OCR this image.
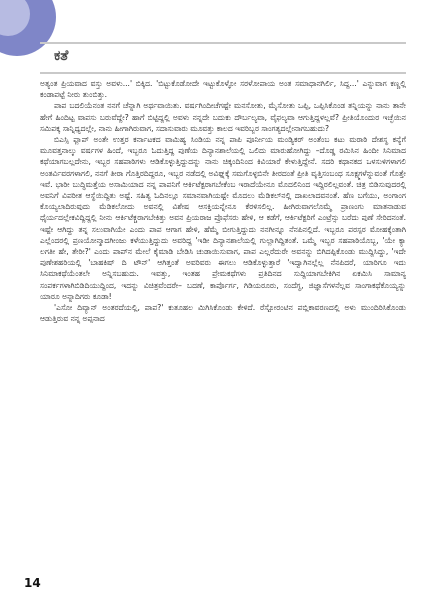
ಕತೆ

ಅತ್ಯಂತ ಪ್ರಿಯವಾದ ವಸ್ತು ಅವಳು...' ಬಿಕ್ಕಿದ. 'ಬಿಟ್ಟುಕೊಡೋದೇ ಇಟ್ಟುಕೊಳ್ಳೋ ಸರಳೋಪಾಯ ಅಂತ ಸಮಾಧಾನಗಿರ್ಲಿ, ಸಿದ್ದ...' ಎನ್ನುವಾಗ ಕಣ್ಣಲ್ಲಿ ಕಂಡಾಪಟ್ಟೆ ನೀರು ತುಂಬಿತ್ತು.

ಪಾಪ ಬದಲಿಯೆನಂತ ನನಗೆ ಚೆನ್ನಾಗಿ ಅರ್ಥವಾಯಿತು. ವರ್ಷಗಿಂದೀಚೆಗಷ್ಟೇ ಮನಸೋತು, ಮೈಸೋತು ಒಪ್ಪಿ, ಒಪ್ಪಿಸಿಕೊಂಡ ತನ್ನಿಯನ್ನು ನಾನು ತಾನೇ ಹೇಗೆ ಹಿಂದಿಟ್ಟ ವಾಪಸು ಬರುವೆದ್ದೇ? ಹಾಗೆ ಬಿಟ್ಟಿದ್ದಲ್ಲಿ ಅವಳು ನನ್ನದೇ ಬದುಕು ದೌರ್ಬಲ್ಯವಾ, ವೈಫಲ್ಯವಾ ಆಗುತ್ತಿದ್ದಳಲ್ಲವೆ? ಪ್ರೀತಿಯೊಂದುರ ಇಚ್ಛೆಯಿನ ಸಮಿಪಕ್ಕ ಸಾನ್ನಿಧ್ಯದಲ್ಲೇ, ನಾನು ಹೀಗಾಗಿರುವಾಗ, ಸದಾಸುವಾರು ಮೂವತ್ತು ಕಾಲದ ಇವರಿಬ್ಬರ ಸಾಂಗತ್ಯದಲ್ಲೇನಾಗಬಹುದು?

ಬಿಎಸ್ಸಿ ಫ್ಲಾಪ್ ಅಂತೇ ಉತ್ತರ ಕರ್ನಾಟಕದ ವಾಮಿಹ್ಯ ಸಿಂಡಿಯ ನನ್ನ ಪಾಪಿ ಪೂರ್ನೀಯ ಮಂಡ್ಯಿಕರ್ ಅಂತೆಂಬ ಕಟು ಮರಾಠಿ ದೇಶಸ್ಥ ಕನ್ಯೆಗೆ ಮೂವತ್ತನಾಲ್ಕು ವರ್ಷಗಳ ಹಿಂದೆ, ಇಬ್ಬರೂ ಓದುತ್ತಿದ್ದ ಪುಣೆಯ ದಿನ್ಯಾನಶಾಲೆಯಲ್ಲಿ ಒಲಿದು ಮಾರುಹೋಗಿದ್ದು –ದೊಡ್ಡ ರಮಿಸಿನ ಹಿಂದೀ ಸಿನಿಮಾದ ಕಥೆಯಾಗಬಲ್ಲದೇನು, ಇಬ್ಬರ ಸಹಪಾಠಿಗಳು ಆಡಿಕೊಳ್ಳುತ್ತಿದ್ದುದನ್ನು ನಾನು ಚಿಕ್ಕಂದಿನಿಂದ ಕಿವಿಯಾರೆ ಕೇಳುತ್ತಿದ್ದೇನೆ. ಸದರಿ ಕಥಾನಕದ ಒಳಸುಳಿಗಳಾಗಲಿ ಅಂತರ್ವಿವರಗಳಾಗಲಿ, ನನಗೆ ತೀರಾ ಗೊತ್ತಿರದಿದ್ದರೂ, ಇಬ್ಬರ ನಡೆದಲ್ಲಿ ಅವಿಘ್ನಕ್ಕೆ ಸಮಗೊಳ್ಳಬಿನೇ ತೀರದಂತೆ ಪ್ರೀತಿ ವೃತ್ತಿಸಂಬಂಧ ಸೂಕ್ಷ್ಮಗಳೆನ್ನುವಂತೆ ಗೊತ್ತೇ ಇವೆ. ಭಾರೀ ಬುದ್ಧಿಮತ್ತೆಯ ಅಸಾಮಿಯಾದ ನನ್ನ ಪಾಪನಿಗೆ ಆರ್ಕಿಟೆಕ್ಟರಾಗಬೇಕೆಂಬ ಇರಾದೆಯೇನೂ ಮೊದಲಿನಿಂದ ಇದ್ದಿರಲಿಲ್ಲವಂತೆ. ಚಿತ್ರ ಬಿಡಿಸುವುದರಲ್ಲಿ ಅವನಿಗೆ ವಿಪರೀತ ಆಸ್ಥೆಯಿದ್ದಿತು ಅಷ್ಟೆ. ಸಹಿತ್ಯ ಓದಿನಲ್ಲೂ ಸಮಾನವಾಗಿಯಷ್ಟೇ ಮೊದಲು ಮೆಡಿಕಲ್‌ನಲ್ಲಿ ದಾಖಲಾದವನಂತೆ. ಹೆಣ ಬಗೆಯು, ಅಂಗಾಂಗ ಕೊಯ್ಯಲಾದಿರುವುದು ಮೆಡಿಕಲೋದು ಅವನಲ್ಲಿ ವಿಶೇಷ ಆಸಕ್ತಿಯನ್ನೇನೂ ಕೆರಳಿಸಲಿಲ್ಲ. ಹೀಗಿರುವಾಗಲೊಮ್ಮೆ ಪ್ರಾಣಂಗು ಮಾತನಾಡುವ ಧೈರ್ಯದಲ್ಲೇಕವಿದ್ದಿದ್ದಲ್ಲಿ ನೀನು ಆರ್ಕಿಟೆಕ್ಚರಾಗಬೇಕಿತ್ತು ಅವನ ಪ್ರಿಯರಾಜ ಪ್ರೊಫೆಸರು ಹೇಳಿ, ಆ ಕಡೆಗೆ, ಆರ್ಕಿಟೆಕ್ಟರಿಗೆ ಎಂಟ್ರೆನ್ಸು ಬರೆದು ಪುಣೆ ಸೇರಿದನಂತೆ. ಇಷ್ಟೇ ಆಗಿದ್ದು ತನ್ನ ಸಲುವಾಗಿಯೇ ಎಂದು ಪಾಪ ಆಗಾಗ ಹೇಳಿ, ಹೆಮ್ಮೆ ಬೀಗುತ್ತಿದ್ದುದು ನನಗೀನ್ನೂ ನೆನಪಿನಲ್ಲಿದೆ. ಇಬ್ಬರೂ ಪರಸ್ಪರ ಮೋಹಕ್ಕೆಂತಾಗಿ ಎಲ್ಲೆಂದರಲ್ಲಿ ಪ್ರಣಯೋನ್ಮಾದಗೀಂಜು ಕಳೆಯುತ್ತಿದ್ದುದು ಅವರಿದ್ದ 'ಇಡೀ ದಿನ್ಯಾನಶಾಲೆಯಲ್ಲಿ ಗುಲ್ಲಾಗಿದ್ದಿತಂತೆ. ಒಮ್ಮೆ ಇಬ್ಬರ ಸಹಪಾಠಿಯೊಬ್ಬ, 'ಯೇ ಕ್ಯಾ ಲಗತೀ ಹೇ, ತೇರೀ?' ಎಂದು ಪಾಪ್‌ನ ಮೇಲೆ ಕೈಮಾಡಿ ಬೇಡಿಸಿ ಚುಡಾಯಿಸುವಾಗ, ಪಾಪ ಎಲ್ಲರೆದುರೇ ಅವನನ್ನು ಬಿಗಿದಪ್ಪಿಕೊಂಡು ಮುದ್ದಿಸಿದ್ದು, 'ಇದೇ ಪುಣೇಶಹರಿಯಲ್ಲಿ 'ಬಾಹಕಿಷ್ ದಿ ಟೌನ್' ಆಗಿತ್ತಂತೆ ಅವರಿವರು ಈಗಲು ಆಡಿಕೊಳ್ಳುತ್ತಾರೆ 'ಇದ್ವಾಗಿನಲ್ಲೆಲ್ಲ ನೆನಪಿದರೆ, ಯಾರಿಗೂ ಇದು ಸಿನಿಮಾಕಥೆಯೆಂತಲೇ ಅನ್ನಿಸಬಹುದು. ಇವತ್ತು, ಇಂತಹ ಪ್ರೇಮಕಥೆಗಳು ಪ್ರತಿದಿನದ ಸುದ್ದಿಯಾಗಬೇಕಿಗಿನ ಏಕಮಿಸಿ ಸಾಮಾನ್ಯ ಸಂಪರ್ಕಗಳಾಗಿಬಿಡಿದಿಯುದ್ದಿಂದ, ಇದನ್ನು ವಿಚಿತ್ರವೆಂದರೇ– ಬದಣೆ, ಕಾರ್ಪೊರ್ಗ, ಗಿಡಿಯರೂರು, ಸಂದೆಗ್ಧ, ಜಿಜ್ಞಾಸೆಗಳನೆಲ್ಲವ ಸಾಂಗಾಕಥೆಕೊಯ್ಯನ್ನು ಯಾರೂ ಅನ್ನಾದಿಗರು ಕೂಡಾ!

'ಎಸೋ ದಿವ್ಯಾನ್ ಅಂತರದೆಯಲ್ಲಿ, ಪಾಪ?' ಕುತೂಹಲ ಮಿಗಿಸಿಕೊಂಡು ಕೇಳಿದೆ. ರೆಸ್ಟೋರಂಟಿನ ಪಬ್ಲಿಕಾವರಣದಲ್ಲಿ ಅಳು ಮುಂದಿರಿಸಿಕೊಂಡು ಆಡುತ್ತಿರುವ ನನ್ನ ಅಪ್ಪನಾದ

14
